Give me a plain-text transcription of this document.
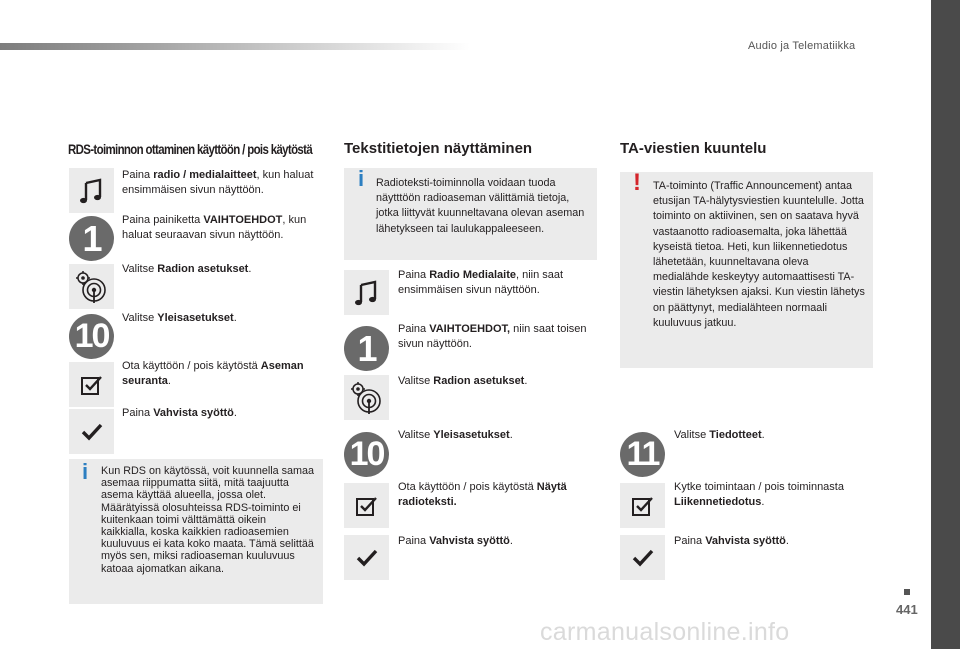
Audio ja Telematiikka
441
carmanualsonline.info
RDS-toiminnon ottaminen käyttöön / pois käytöstä
Paina radio / medialaitteet, kun haluat ensimmäisen sivun näyttöön.
1	Paina painiketta VAIHTOEHDOT, kun haluat seuraavan sivun näyttöön.
Valitse Radion asetukset.
10	Valitse Yleisasetukset.
Ota käyttöön / pois käytöstä Aseman seuranta.
Paina Vahvista syöttö.
i Kun RDS on käytössä, voit kuunnella samaa asemaa riippumatta siitä, mitä taajuutta asema käyttää alueella, jossa olet. Määrätyissä olosuhteissa RDS-toiminto ei kuitenkaan toimi välttämättä oikein kaikkialla, koska kaikkien radioasemien kuuluvuus ei kata koko maata. Tämä selittää myös sen, miksi radioaseman kuuluvuus katoaa ajomatkan aikana.
Tekstitietojen näyttäminen
i Radioteksti-toiminnolla voidaan tuoda näytttöön radioaseman välittämiä tietoja, jotka liittyvät kuunneltavana olevan aseman lähetykseen tai laulukappaleeseen.
Paina Radio Medialaite, niin saat ensimmäisen sivun näyttöön.
1	Paina VAIHTOEHDOT, niin saat toisen sivun näyttöön.
Valitse Radion asetukset.
10	Valitse Yleisasetukset.
Ota käyttöön / pois käytöstä Näytä radioteksti.
Paina Vahvista syöttö.
TA-viestien kuuntelu
! TA-toiminto (Traffic Announcement) antaa etusijan TA-hälytysviestien kuuntelulle. Jotta toiminto on aktiivinen, sen on saatava hyvä vastaanotto radioasemalta, joka lähettää kyseistä tietoa. Heti, kun liikennetiedotus lähetetään, kuunneltavana oleva medialähde keskeytyy automaattisesti TA-viestin lähetyksen ajaksi. Kun viestin lähetys on päättynyt, medialähteen normaali kuuluvuus jatkuu.
11	Valitse Tiedotteet.
Kytke toimintaan / pois toiminnasta Liikennetiedotus.
Paina Vahvista syöttö.
